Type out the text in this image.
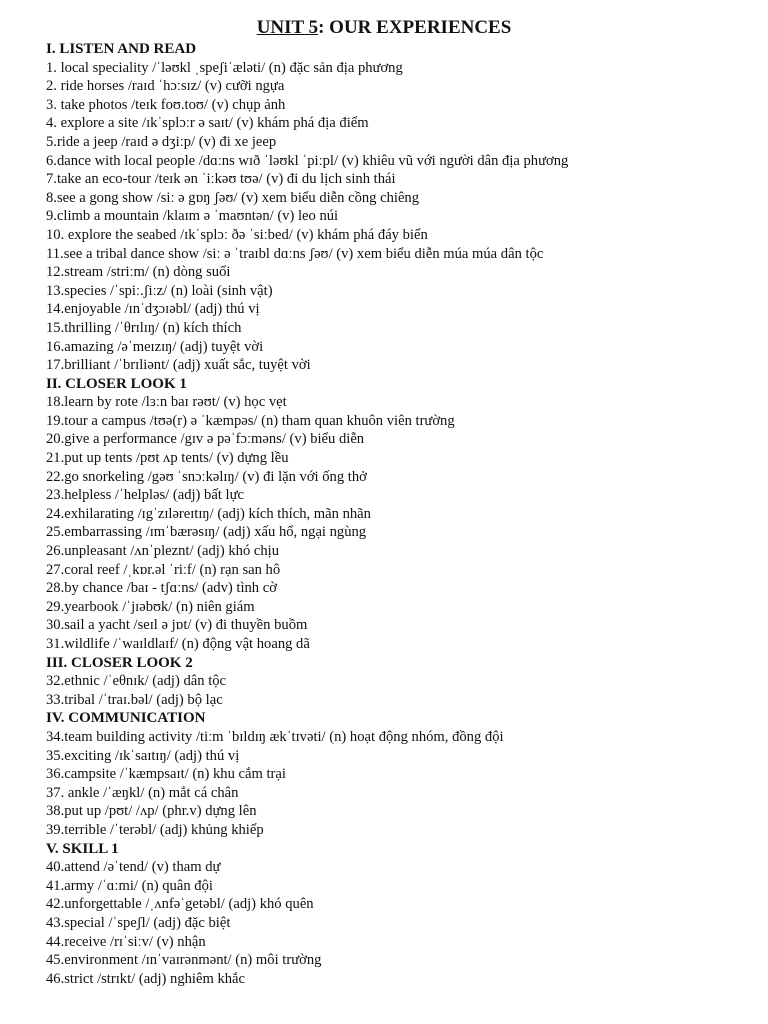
UNIT 5: OUR EXPERIENCES
I. LISTEN AND READ
1. local speciality /ˈləʊkl ˌspeʃiˈæləti/ (n) đặc sản địa phương
2. ride horses /raɪd ˈhɔːsɪz/ (v) cưỡi ngựa
3. take photos /teɪk foʊ.toʊ/ (v) chụp ảnh
4. explore a site /ɪkˈsplɔːr ə saɪt/ (v) khám phá địa điểm
5.ride a jeep /raɪd ə dʒiːp/ (v) đi xe jeep
6.dance with local people /dɑːns wɪð ˈləʊkl ˈpiːpl/ (v) khiêu vũ với người dân địa phương
7.take an eco-tour /teɪk ən ˈiːkəʊ tʊə/ (v) đi du lịch sinh thái
8.see a gong show /siː ə gɒŋ ʃəʊ/ (v) xem biểu diễn cồng chiêng
9.climb a mountain /klaɪm ə ˈmaʊntən/ (v) leo núi
10. explore the seabed /ɪkˈsplɔː ðə ˈsiːbed/ (v) khám phá đáy biển
11.see a tribal dance show /siː ə ˈtraɪbl dɑːns ʃəʊ/ (v) xem biểu diễn múa múa dân tộc
12.stream /striːm/ (n) dòng suối
13.species /ˈspiː.ʃiːz/ (n) loài (sinh vật)
14.enjoyable /ɪnˈdʒɔɪəbl/ (adj) thú vị
15.thrilling /ˈθrɪlɪŋ/ (n) kích thích
16.amazing /əˈmeɪzɪŋ/ (adj) tuyệt vời
17.brilliant /ˈbrɪliənt/ (adj) xuất sắc, tuyệt vời
II. CLOSER LOOK 1
18.learn by rote /lɜːn baɪ rəʊt/ (v) học vẹt
19.tour a campus /tʊə(r) ə ˈkæmpəs/ (n) tham quan khuôn viên trường
20.give a performance /gɪv ə pəˈfɔːməns/ (v) biểu diễn
21.put up tents /pʊt ʌp tents/ (v) dựng lều
22.go snorkeling /gəʊ ˈsnɔːkəlɪŋ/ (v) đi lặn với ống thở
23.helpless /ˈhelpləs/ (adj) bất lực
24.exhilarating /ɪgˈzɪləreɪtɪŋ/ (adj) kích thích, mãn nhãn
25.embarrassing /ɪmˈbærəsɪŋ/ (adj) xấu hổ, ngại ngùng
26.unpleasant /ʌnˈpleznt/ (adj) khó chịu
27.coral reef /ˌkɒr.əl ˈriːf/ (n) rạn san hô
28.by chance /baɪ - tʃɑːns/ (adv) tình cờ
29.yearbook /ˈjɪəbʊk/ (n) niên giám
30.sail a yacht /seɪl ə jɒt/ (v) đi thuyền buồm
31.wildlife /ˈwaɪldlaɪf/ (n) động vật hoang dã
III. CLOSER LOOK 2
32.ethnic /ˈeθnɪk/ (adj) dân tộc
33.tribal /ˈtraɪ.bəl/ (adj) bộ lạc
IV. COMMUNICATION
34.team building activity /tiːm ˈbɪldɪŋ ækˈtɪvəti/ (n) hoạt động nhóm, đồng đội
35.exciting /ɪkˈsaɪtɪŋ/ (adj) thú vị
36.campsite /ˈkæmpsaɪt/ (n) khu cắm trại
37. ankle /ˈæŋkl/ (n) mắt cá chân
38.put up /pʊt/ /ʌp/ (phr.v) dựng lên
39.terrible /ˈterəbl/ (adj) khủng khiếp
V. SKILL 1
40.attend /əˈtend/ (v) tham dự
41.army /ˈɑːmi/ (n) quân đội
42.unforgettable /ˌʌnfəˈgetəbl/ (adj) khó quên
43.special /ˈspeʃl/ (adj) đặc biệt
44.receive /rɪˈsiːv/ (v) nhận
45.environment /ɪnˈvaɪrənmənt/ (n) môi trường
46.strict /strɪkt/ (adj) nghiêm khắc
